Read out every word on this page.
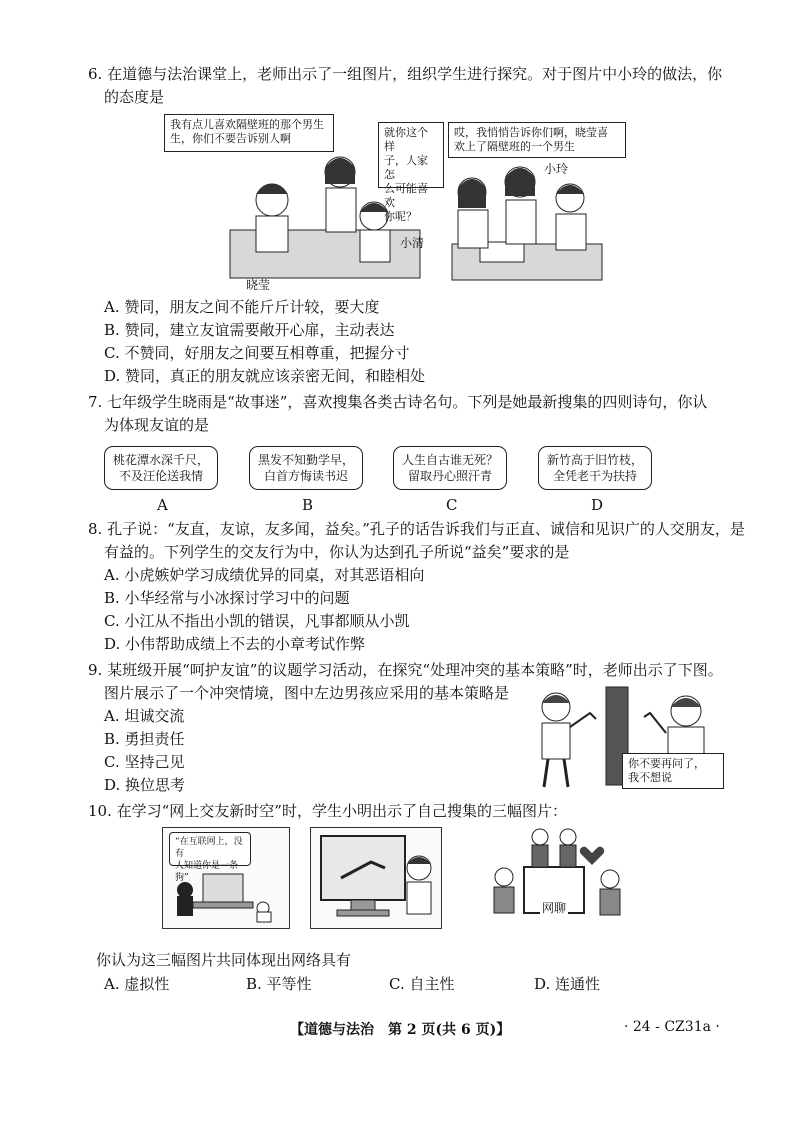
6. 在道德与法治课堂上，老师出示了一组图片，组织学生进行探究。对于图片中小玲的做法，你
的态度是
我有点儿喜欢隔壁班的那个男生
生，你们不要告诉别人啊	就你这个样
子，人家怎
么可能喜欢
你呢？
哎，我悄悄告诉你们啊，晓莹喜
欢上了隔壁班的一个男生
小清
晓莹
小玲
A. 赞同，朋友之间不能斤斤计较，要大度
B. 赞同，建立友谊需要敞开心扉，主动表达
C. 不赞同，好朋友之间要互相尊重，把握分寸
D. 赞同，真正的朋友就应该亲密无间，和睦相处
7. 七年级学生晓雨是“故事迷”，喜欢搜集各类古诗名句。下列是她最新搜集的四则诗句，你认
为体现友谊的是
桃花潭水深千尺，
不及汪伦送我情
黑发不知勤学早，
白首方悔读书迟
人生自古谁无死？
留取丹心照汗青
新竹高于旧竹枝，
全凭老干为扶持
A	B	C	D
8. 孔子说：“友直，友谅，友多闻，益矣。”孔子的话告诉我们与正直、诚信和见识广的人交朋友，是
有益的。下列学生的交友行为中，你认为达到孔子所说“益矣”要求的是
A. 小虎嫉妒学习成绩优异的同桌，对其恶语相向
B. 小华经常与小冰探讨学习中的问题
C. 小江从不指出小凯的错误，凡事都顺从小凯
D. 小伟帮助成绩上不去的小章考试作弊
9. 某班级开展“呵护友谊”的议题学习活动，在探究“处理冲突的基本策略”时，老师出示了下图。
图片展示了一个冲突情境，图中左边男孩应采用的基本策略是
A. 坦诚交流
B. 勇担责任
C. 坚持己见
D. 换位思考
你不要再问了，
我不想说
10. 在学习“网上交友新时空”时，学生小明出示了自己搜集的三幅图片：
“在互联网上，没有
人知道你是一条狗”
网聊
你认为这三幅图片共同体现出网络具有
A. 虚拟性	B. 平等性	C. 自主性	D. 连通性
【道德与法治　第 2 页(共 6 页)】	· 24 - CZ31a ·
